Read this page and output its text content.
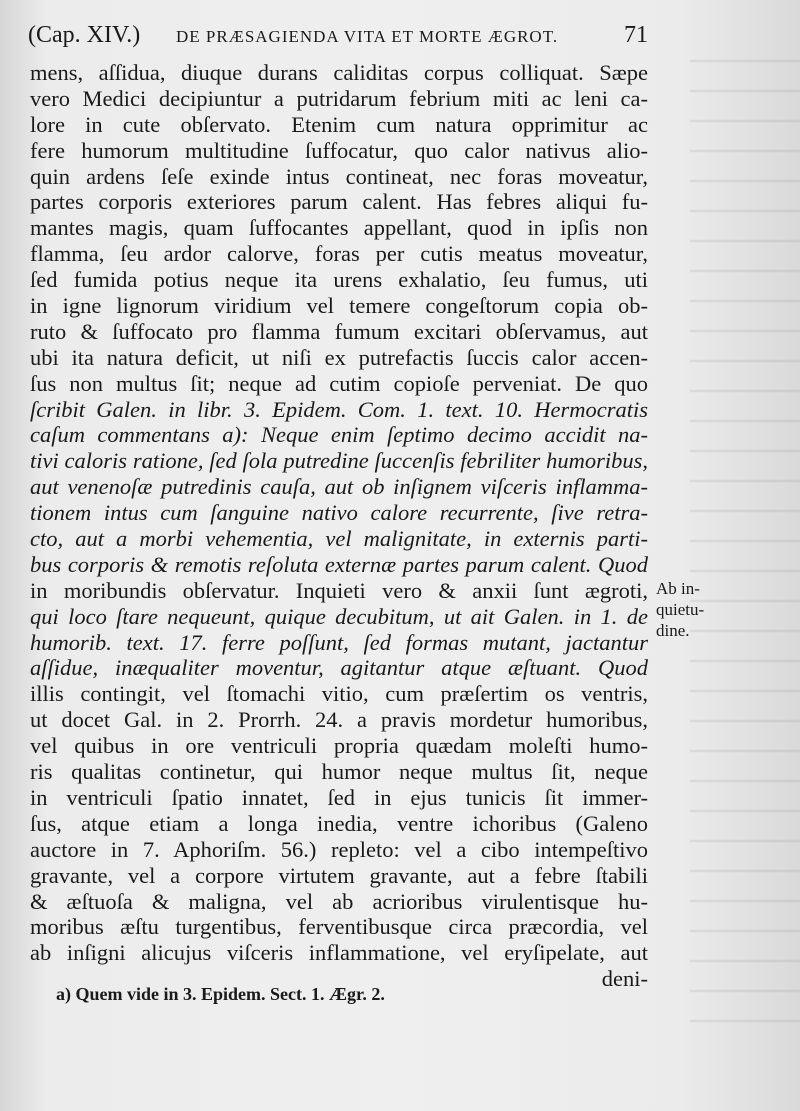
(Cap. XIV.) DE PRÆSAGIENDA VITA ET MORTE ÆGROT.	71
mens, aſſidua, diuque durans caliditas corpus colliquat. Sæpe
vero Medici decipiuntur a putridarum febrium miti ac leni ca-
lore in cute obſervato. Etenim cum natura opprimitur ac
fere humorum multitudine ſuffocatur, quo calor nativus alio-
quin ardens ſeſe exinde intus contineat, nec foras moveatur,
partes corporis exteriores parum calent. Has febres aliqui fu-
mantes magis, quam ſuffocantes appellant, quod in ipſis non
flamma, ſeu ardor calorve, foras per cutis meatus moveatur,
ſed fumida potius neque ita urens exhalatio, ſeu fumus, uti
in igne lignorum viridium vel temere congeſtorum copia ob-
ruto & ſuffocato pro flamma fumum excitari obſervamus, aut
ubi ita natura deficit, ut niſi ex putrefactis ſuccis calor accen-
ſus non multus ſit; neque ad cutim copioſe perveniat. De quo
ſcribit Galen. in libr. 3. Epidem. Com. 1. text. 10. Hermocratis
caſum commentans a): Neque enim ſeptimo decimo accidit na-
tivi caloris ratione, ſed ſola putredine ſuccenſis febriliter humoribus,
aut venenoſæ putredinis cauſa, aut ob inſignem viſceris inflamma-
tionem intus cum ſanguine nativo calore recurrente, ſive retra-
cto, aut a morbi vehementia, vel malignitate, in externis parti-
bus corporis & remotis reſoluta externæ partes parum calent. Quod
in moribundis obſervatur. Inquieti vero & anxii ſunt ægroti,
qui loco ſtare nequeunt, quique decubitum, ut ait Galen. in 1. de
humorib. text. 17. ferre poſſunt, ſed formas mutant, jactantur
aſſidue, inæqualiter moventur, agitantur atque æſtuant. Quod
illis contingit, vel ſtomachi vitio, cum præſertim os ventris,
ut docet Gal. in 2. Prorrh. 24. a pravis mordetur humoribus,
vel quibus in ore ventriculi propria quædam moleſti humo-
ris qualitas continetur, qui humor neque multus ſit, neque
in ventriculi ſpatio innatet, ſed in ejus tunicis ſit immer-
ſus, atque etiam a longa inedia, ventre ichoribus (Galeno
auctore in 7. Aphoriſm. 56.) repleto: vel a cibo intempeſtivo
gravante, vel a corpore virtutem gravante, aut a febre ſtabili
& æſtuoſa & maligna, vel ab acrioribus virulentisque hu-
moribus æſtu turgentibus, ferventibusque circa præcordia, vel
ab inſigni alicujus viſceris inflammatione, vel eryſipelate, aut
deni-
Ab in-
quietu-
dine.
a) Quem vide in 3. Epidem. Sect. 1. Ægr. 2.
